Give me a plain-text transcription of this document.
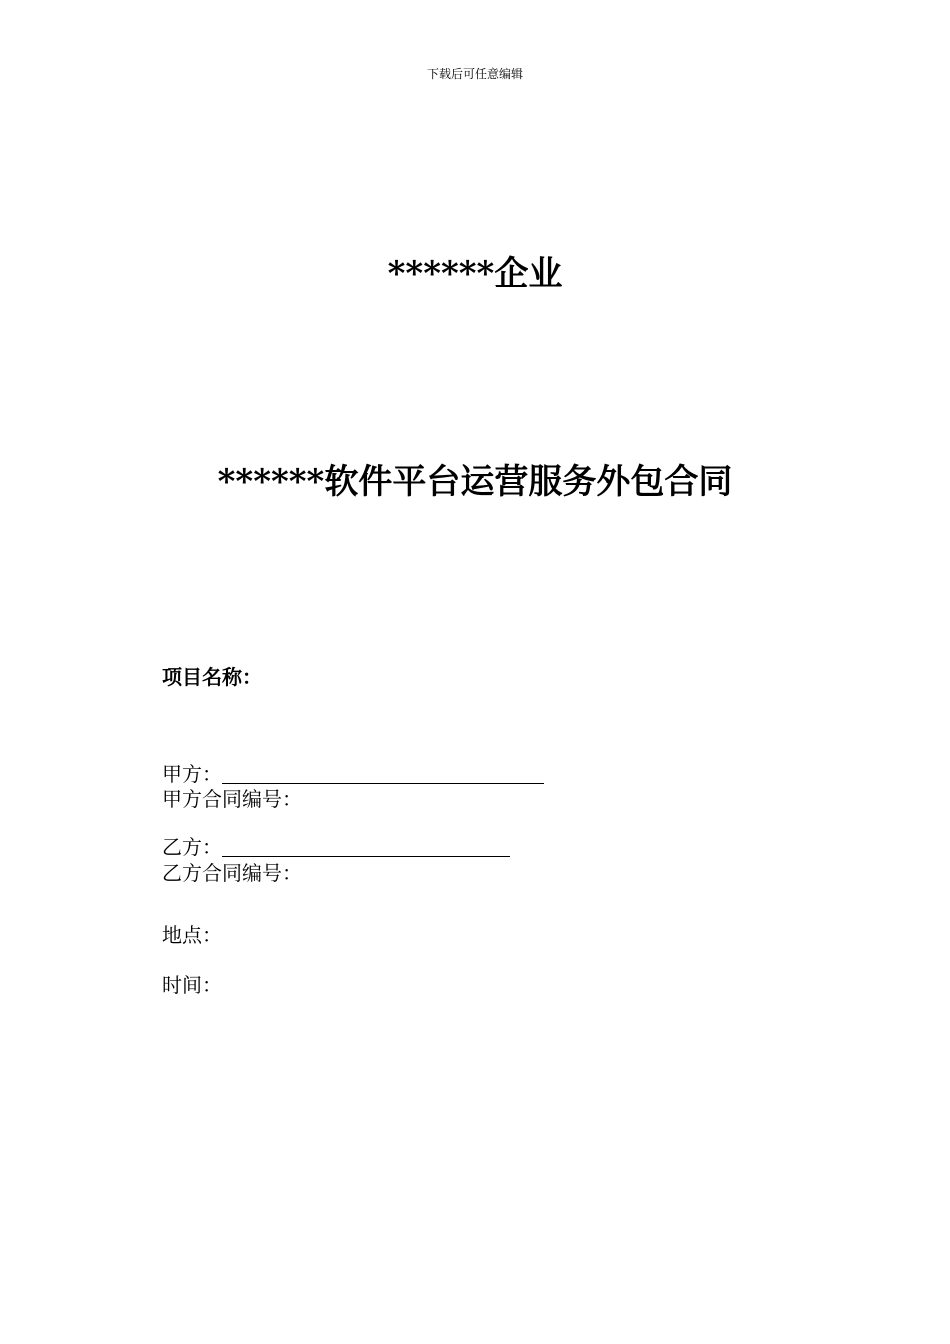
下载后可任意编辑
******企业
******软件平台运营服务外包合同
项目名称：
甲方：
甲方合同编号：
乙方：
乙方合同编号：
地点：
时间：
